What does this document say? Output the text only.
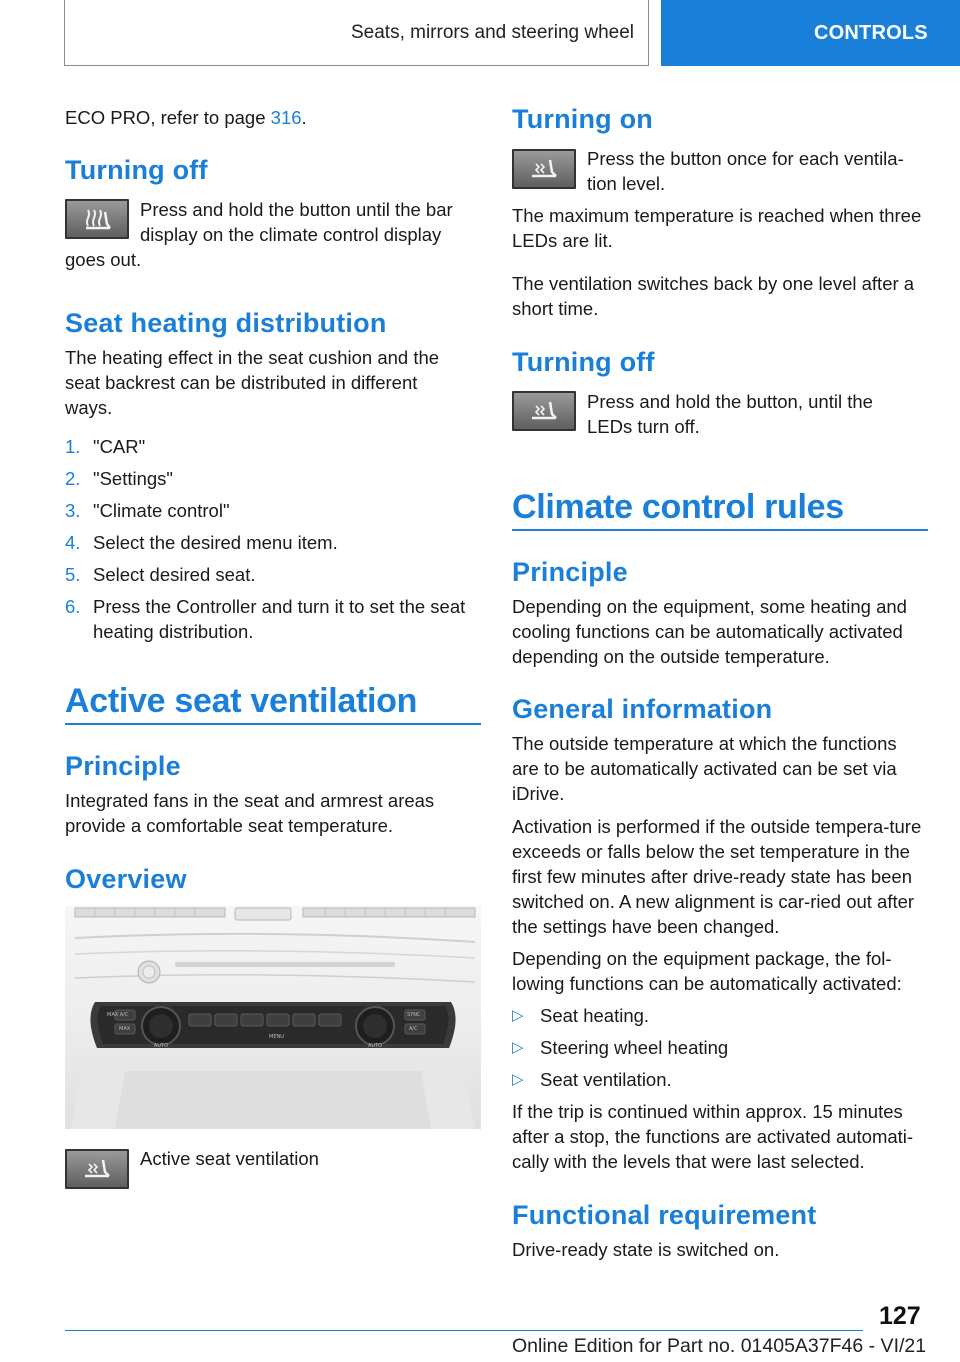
Seats, mirrors and steering wheel	CONTROLS
ECO PRO, refer to page 316.
Turning off
Press and hold the button until the bar
display on the climate control display
goes out.
Seat heating distribution
The heating effect in the seat cushion and the seat backrest can be distributed in different ways.
1. "CAR"
2. "Settings"
3. "Climate control"
4. Select the desired menu item.
5. Select desired seat.
6. Press the Controller and turn it to set the seat heating distribution.
Active seat ventilation
Principle
Integrated fans in the seat and armrest areas provide a comfortable seat temperature.
Overview
MAX A/C
MAX
AUTO	AUTO
MENU
SYNC
A/C
Active seat ventilation
Turning on
Press the button once for each ventila-tion level.
The maximum temperature is reached when three LEDs are lit.
The ventilation switches back by one level after a short time.
Turning off
Press and hold the button, until the LEDs turn off.
Climate control rules
Principle
Depending on the equipment, some heating and cooling functions can be automatically activated depending on the outside temperature.
General information
The outside temperature at which the functions are to be automatically activated can be set via iDrive.
Activation is performed if the outside tempera-ture exceeds or falls below the set temperature in the first few minutes after drive-ready state has been switched on. A new alignment is car-ried out after the settings have been changed.
Depending on the equipment package, the fol-lowing functions can be automatically activated:
▷ Seat heating.
▷ Steering wheel heating
▷ Seat ventilation.
If the trip is continued within approx. 15 minutes after a stop, the functions are activated automati-cally with the levels that were last selected.
Functional requirement
Drive-ready state is switched on.
127
Online Edition for Part no. 01405A37F46 - VI/21
